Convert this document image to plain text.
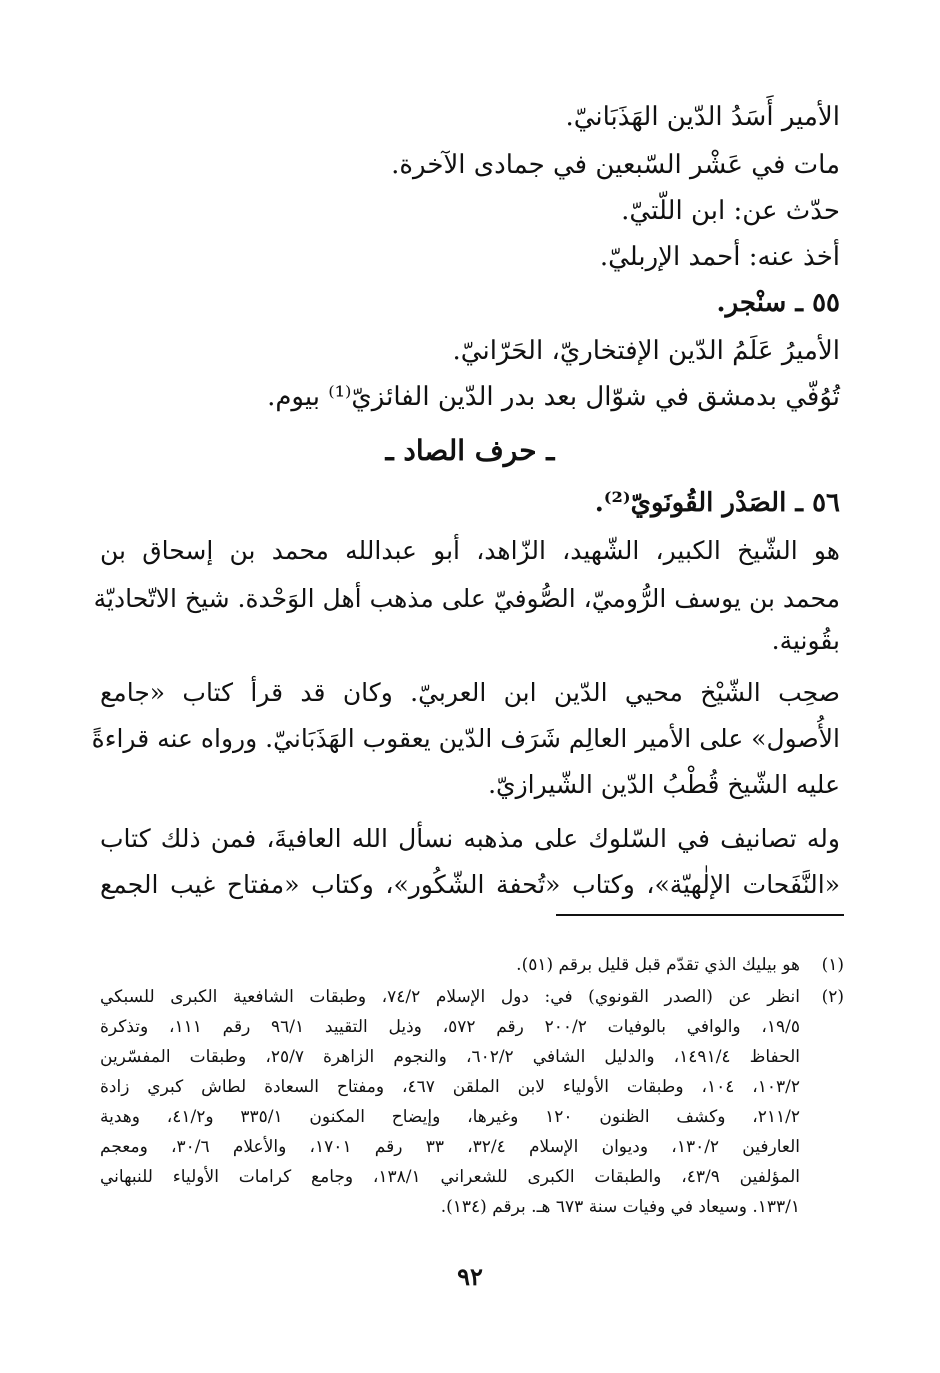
الأمير أَسَدُ الدّين الهَذَبَانيّ.
مات في عَشْر السّبعين في جمادى الآخرة.
حدّث عن: ابن اللّتيّ.
أخذ عنه: أحمد الإربليّ.
٥٥ ـ سنْجر.
الأميرُ عَلَمُ الدّين الإفتخاريّ، الحَرّانيّ.
تُوُفّي بدمشق في شوّال بعد بدر الدّين الفائزيّ⁽¹⁾ بيوم.
ـ حرف الصاد ـ
٥٦ ـ الصَدْر القُونَويّ⁽²⁾.
هو الشّيخ الكبير، الشّهيد، الزّاهد، أبو عبدالله محمد بن إسحاق بن
محمد بن يوسف الرُّوميّ، الصُّوفيّ على مذهب أهل الوَحْدة. شيخ الاتّحاديّة
بقُونية.
صحِب الشّيْخ محيي الدّين ابن العربيّ. وكان قد قرأ كتاب «جامع
الأُصول» على الأمير العالِم شَرَف الدّين يعقوب الهَذَبَانيّ. ورواه عنه قراءةً
عليه الشّيخ قُطْبُ الدّين الشّيرازيّ.
وله تصانيف في السّلوك على مذهبه نسأل الله العافيةَ، فمن ذلك كتاب
«النَّفَحات الإلٰهيّة»، وكتاب «تُحفة الشّكُور»، وكتاب «مفتاح غيب الجمع
(١)
هو بيليك الذي تقدّم قبل قليل برقم (٥١).
(٢)
انظر عن (الصدر القونوي) في: دول الإسلام ٧٤/٢، وطبقات الشافعية الكبرى للسبكي
١٩/٥، والوافي بالوفيات ٢٠٠/٢ رقم ٥٧٢، وذيل التقييد ٩٦/١ رقم ١١١، وتذكرة
الحفاظ ١٤٩١/٤، والدليل الشافي ٦٠٢/٢، والنجوم الزاهرة ٢٥/٧، وطبقات المفسّرين
١٠٣/٢، ١٠٤، وطبقات الأولياء لابن الملقن ٤٦٧، ومفتاح السعادة لطاش كبري زادة
٢١١/٢، وكشف الظنون ١٢٠ وغيرها، وإيضاح المكنون ٣٣٥/١ و٤١/٢، وهدية
العارفين ١٣٠/٢، وديوان الإسلام ٣٢/٤، ٣٣ رقم ١٧٠١، والأعلام ٣٠/٦، ومعجم
المؤلفين ٤٣/٩، والطبقات الكبرى للشعراني ١٣٨/١، وجامع كرامات الأولياء للنبهاني
١٣٣/١. وسيعاد في وفيات سنة ٦٧٣ هـ. برقم (١٣٤).
٩٢
